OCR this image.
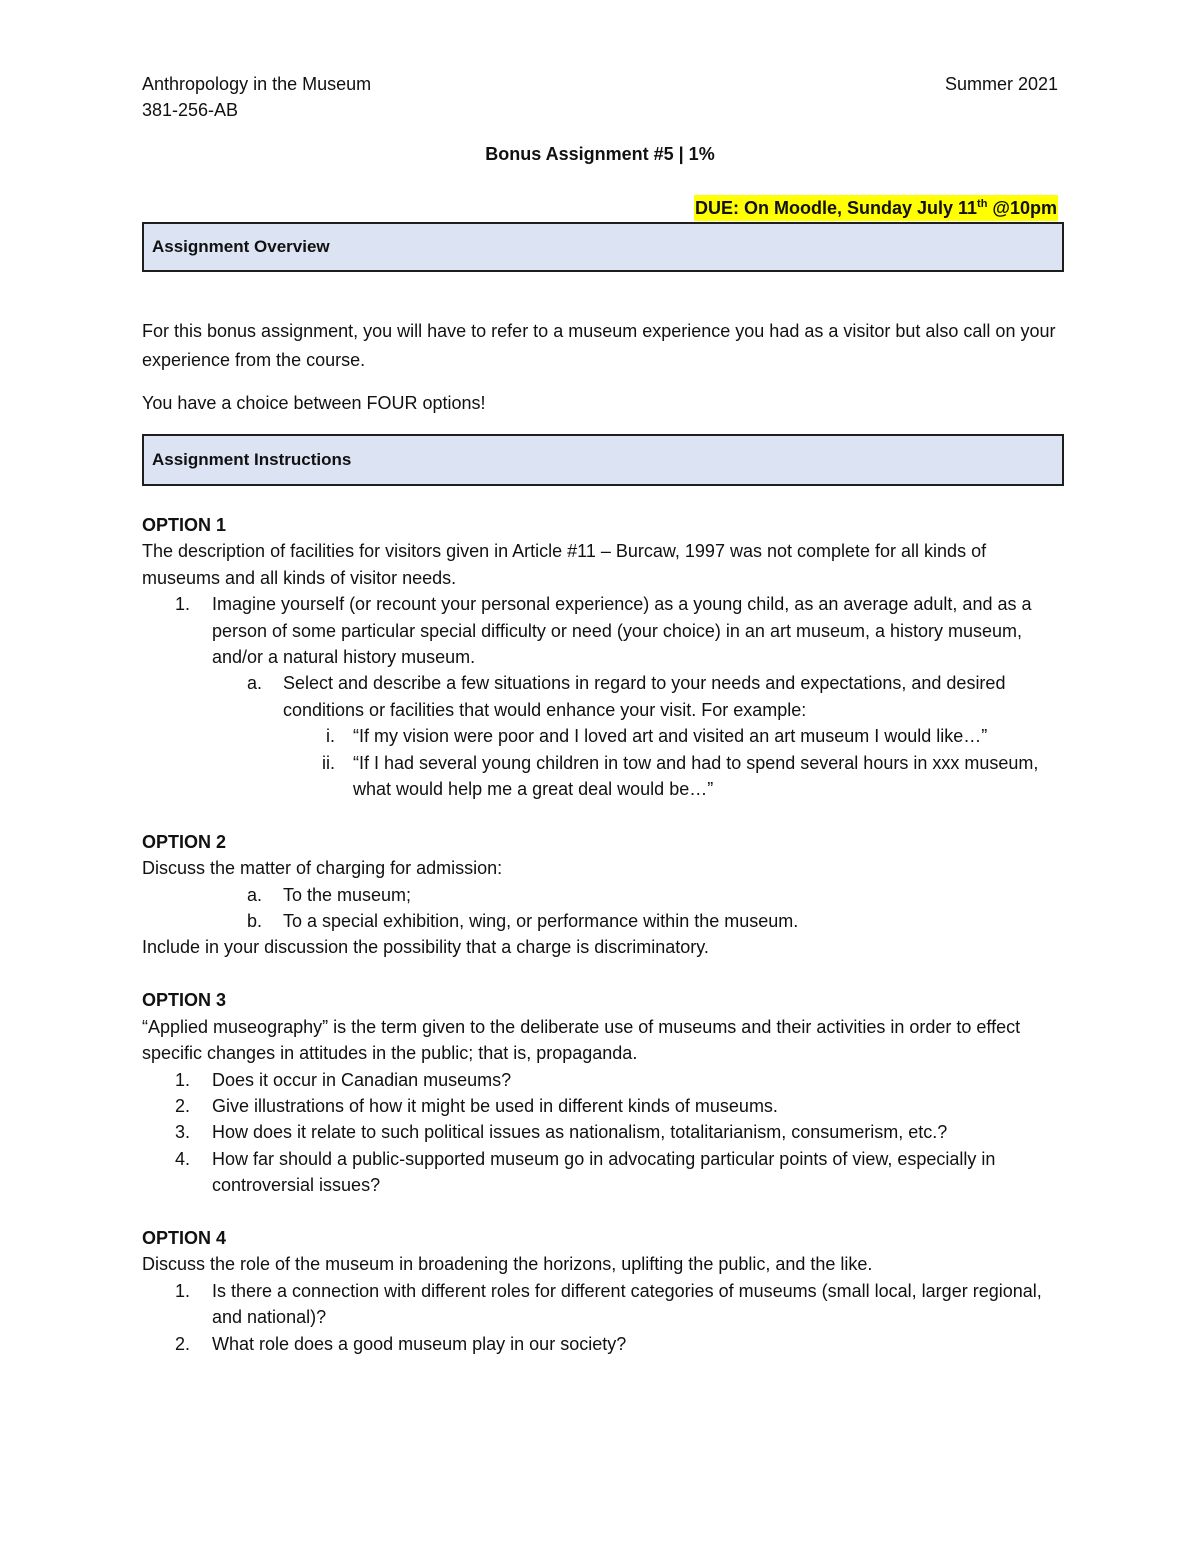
Anthropology in the Museum
381-256-AB
Summer 2021
Bonus Assignment #5 | 1%
DUE: On Moodle, Sunday July 11th @10pm
Assignment Overview
For this bonus assignment, you will have to refer to a museum experience you had as a visitor but also call on your experience from the course.
You have a choice between FOUR options!
Assignment Instructions
OPTION 1
The description of facilities for visitors given in Article #11 – Burcaw, 1997 was not complete for all kinds of museums and all kinds of visitor needs.
1. Imagine yourself (or recount your personal experience) as a young child, as an average adult, and as a person of some particular special difficulty or need (your choice) in an art museum, a history museum, and/or a natural history museum.
a. Select and describe a few situations in regard to your needs and expectations, and desired conditions or facilities that would enhance your visit. For example:
i. “If my vision were poor and I loved art and visited an art museum I would like…”
ii. “If I had several young children in tow and had to spend several hours in xxx museum, what would help me a great deal would be…”
OPTION 2
Discuss the matter of charging for admission:
a. To the museum;
b. To a special exhibition, wing, or performance within the museum.
Include in your discussion the possibility that a charge is discriminatory.
OPTION 3
“Applied museography” is the term given to the deliberate use of museums and their activities in order to effect specific changes in attitudes in the public; that is, propaganda.
1. Does it occur in Canadian museums?
2. Give illustrations of how it might be used in different kinds of museums.
3. How does it relate to such political issues as nationalism, totalitarianism, consumerism, etc.?
4. How far should a public-supported museum go in advocating particular points of view, especially in controversial issues?
OPTION 4
Discuss the role of the museum in broadening the horizons, uplifting the public, and the like.
1. Is there a connection with different roles for different categories of museums (small local, larger regional, and national)?
2. What role does a good museum play in our society?
